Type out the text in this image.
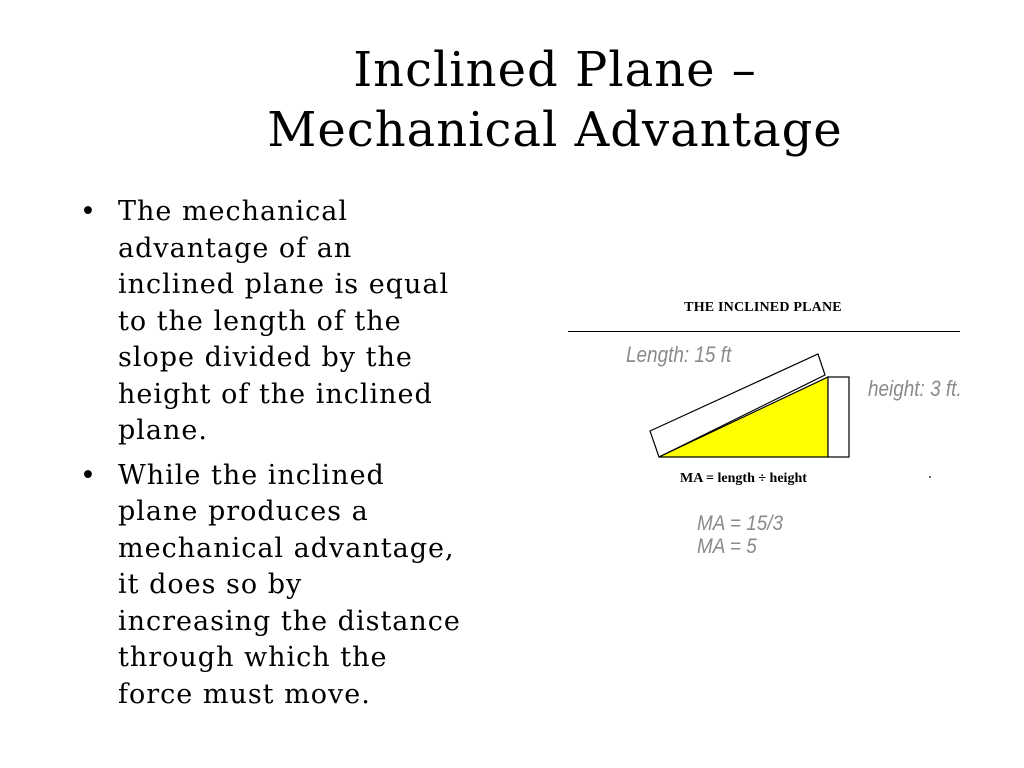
Inclined Plane –
Mechanical Advantage
• The mechanical
advantage of an
inclined plane is equal
to the length of the
slope divided by the
height of the inclined
plane.
• While the inclined
plane produces a
mechanical advantage,
it does so by
increasing the distance
through which the
force must move.
THE INCLINED PLANE
Length: 15 ft
height: 3 ft.
MA = length ÷ height
MA = 15/3
MA = 5
